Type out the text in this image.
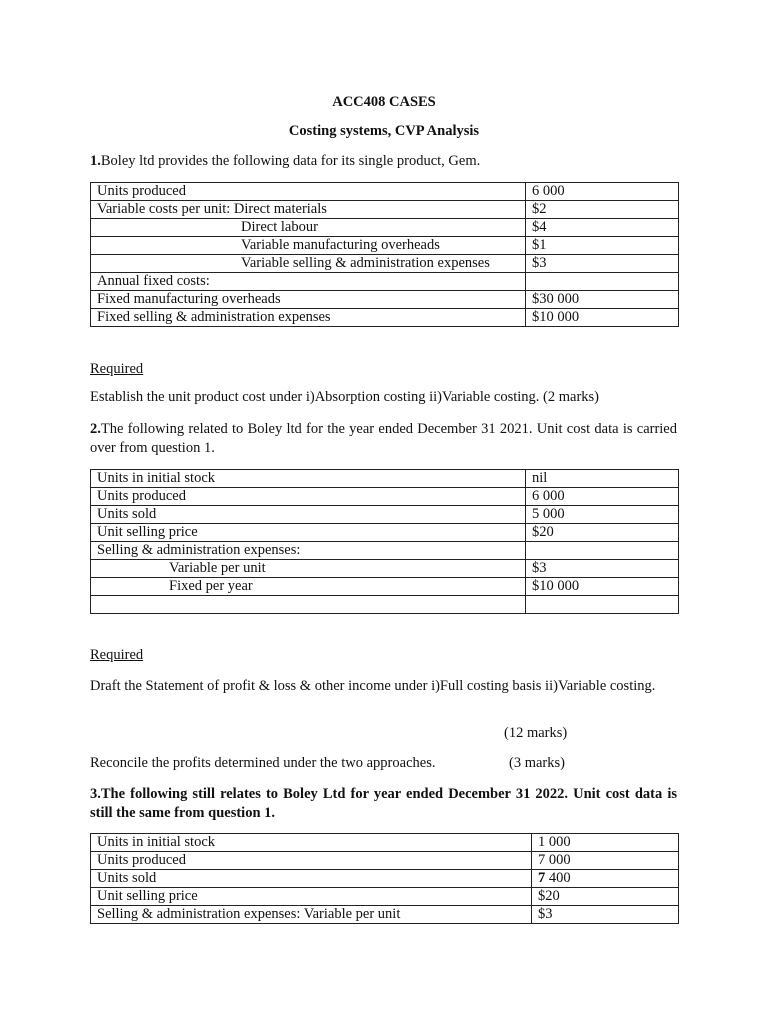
ACC408 CASES
Costing systems, CVP Analysis
1.Boley ltd provides the following data for its single product, Gem.
Units produced	6 000
Variable costs per unit: Direct materials	$2
Direct labour	$4
Variable manufacturing overheads	$1
Variable selling & administration expenses	$3
Annual fixed costs:	
Fixed manufacturing overheads	$30 000
Fixed selling & administration expenses	$10 000
Required
Establish the unit product cost under i)Absorption costing ii)Variable costing. (2 marks)
2.The following related to Boley ltd for the year ended December 31 2021. Unit cost data is carried over from question 1.
Units in initial stock	nil
Units produced	6 000
Units sold	5 000
Unit selling price	$20
Selling & administration expenses:	
Variable per unit	$3
Fixed per year	$10 000

Required
Draft the Statement of profit & loss & other income under i)Full costing basis ii)Variable costing.
(12 marks)
Reconcile the profits determined under the two approaches.	(3 marks)
3.The following still relates to Boley Ltd for year ended December 31 2022. Unit cost data is still the same from question 1.
Units in initial stock	1 000
Units produced	7 000
Units sold	7 400
Unit selling price	$20
Selling & administration expenses: Variable per unit	$3
